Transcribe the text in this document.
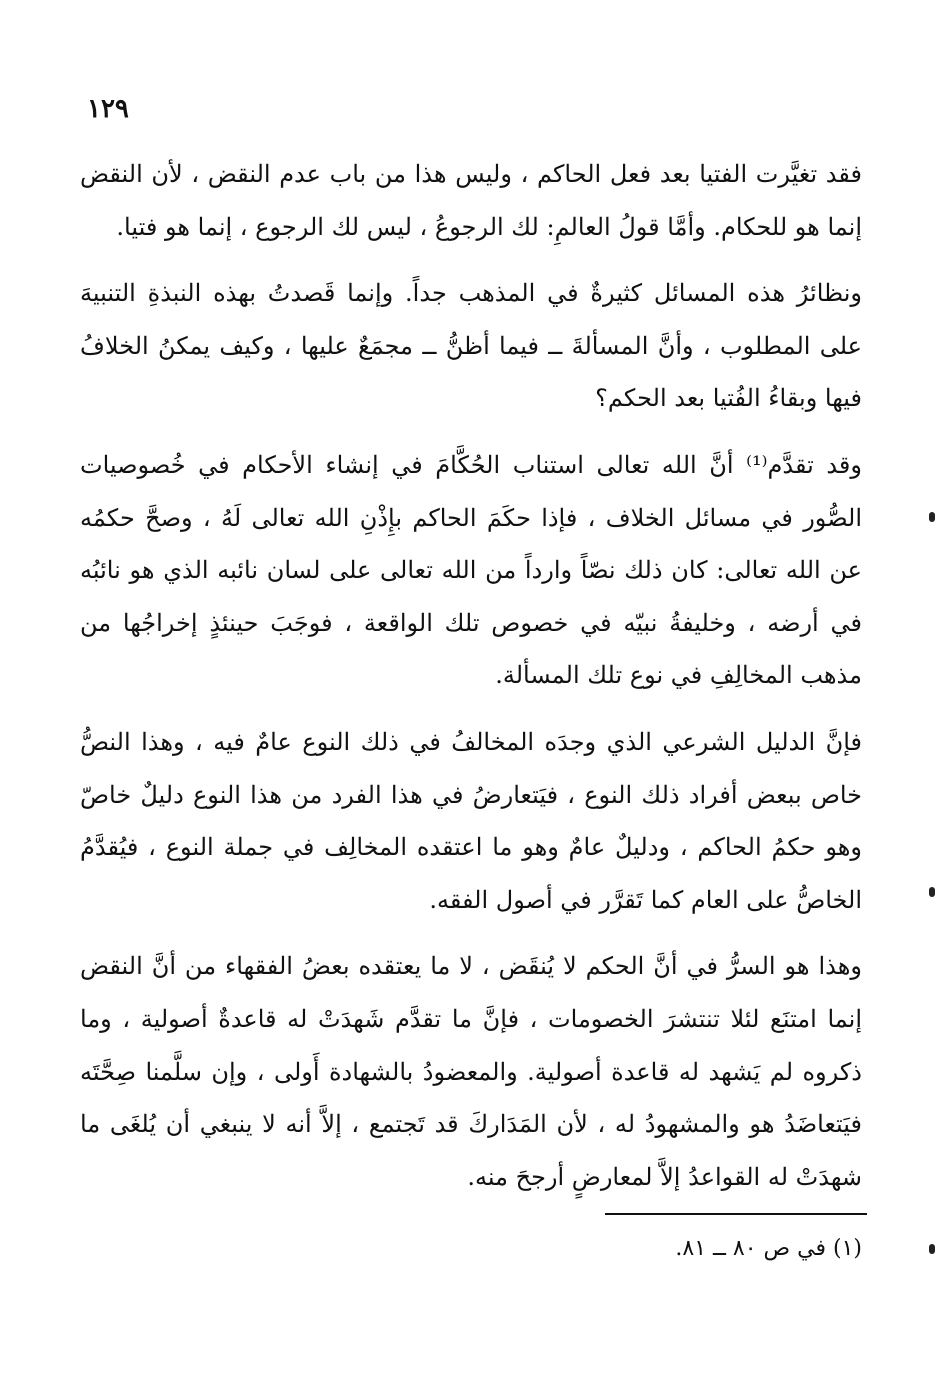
١٢٩

فقد تغيَّرت الفتيا بعد فعل الحاكم ، وليس هذا من باب عدم النقض ، لأن النقض إنما هو للحكام. وأمَّا قولُ العالمِ: لك الرجوعُ ، ليس لك الرجوع ، إنما هو فتيا.

ونظائرُ هذه المسائل كثيرةٌ في المذهب جداً. وإنما قَصدتُ بهذه النبذةِ التنبيهَ على المطلوب ، وأنَّ المسألةَ ــ فيما أظنُّ ــ مجمَعٌ عليها ، وكيف يمكنُ الخلافُ فيها وبقاءُ الفُتيا بعد الحكم؟

وقد تقدَّم⁽¹⁾ أنَّ الله تعالى استناب الحُكَّامَ في إنشاء الأحكام في خُصوصيات الصُّور في مسائل الخلاف ، فإذا حكَمَ الحاكم بإِذْنِ الله تعالى لَهُ ، وصحَّ حكمُه عن الله تعالى: كان ذلك نصّاً وارداً من الله تعالى على لسان نائبه الذي هو نائبُه في أرضه ، وخليفةُ نبيّه في خصوص تلك الواقعة ، فوجَبَ حينئذٍ إخراجُها من مذهب المخالِفِ في نوع تلك المسألة.

فإنَّ الدليل الشرعي الذي وجدَه المخالفُ في ذلك النوع عامٌ فيه ، وهذا النصُّ خاص ببعض أفراد ذلك النوع ، فيَتعارضُ في هذا الفرد من هذا النوع دليلٌ خاصّ وهو حكمُ الحاكم ، ودليلٌ عامٌ وهو ما اعتقده المخالِف في جملة النوع ، فيُقدَّمُ الخاصُّ على العام كما تَقرَّر في أصول الفقه.

وهذا هو السرُّ في أنَّ الحكم لا يُنقَض ، لا ما يعتقده بعضُ الفقهاء من أنَّ النقض إنما امتنَع لئلا تنتشرَ الخصومات ، فإنَّ ما تقدَّم شَهدَتْ له قاعدةٌ أصولية ، وما ذكروه لم يَشهد له قاعدة أصولية. والمعضودُ بالشهادة أَولى ، وإن سلَّمنا صِحَّتَه فيَتعاضَدُ هو والمشهودُ له ، لأن المَدَاركَ قد تَجتمع ، إلاَّ أنه لا ينبغي أن يُلغَى ما شهدَتْ له القواعدُ إلاَّ لمعارضٍ أرجحَ منه.

(١) في ص ٨٠ ــ ٨١.
